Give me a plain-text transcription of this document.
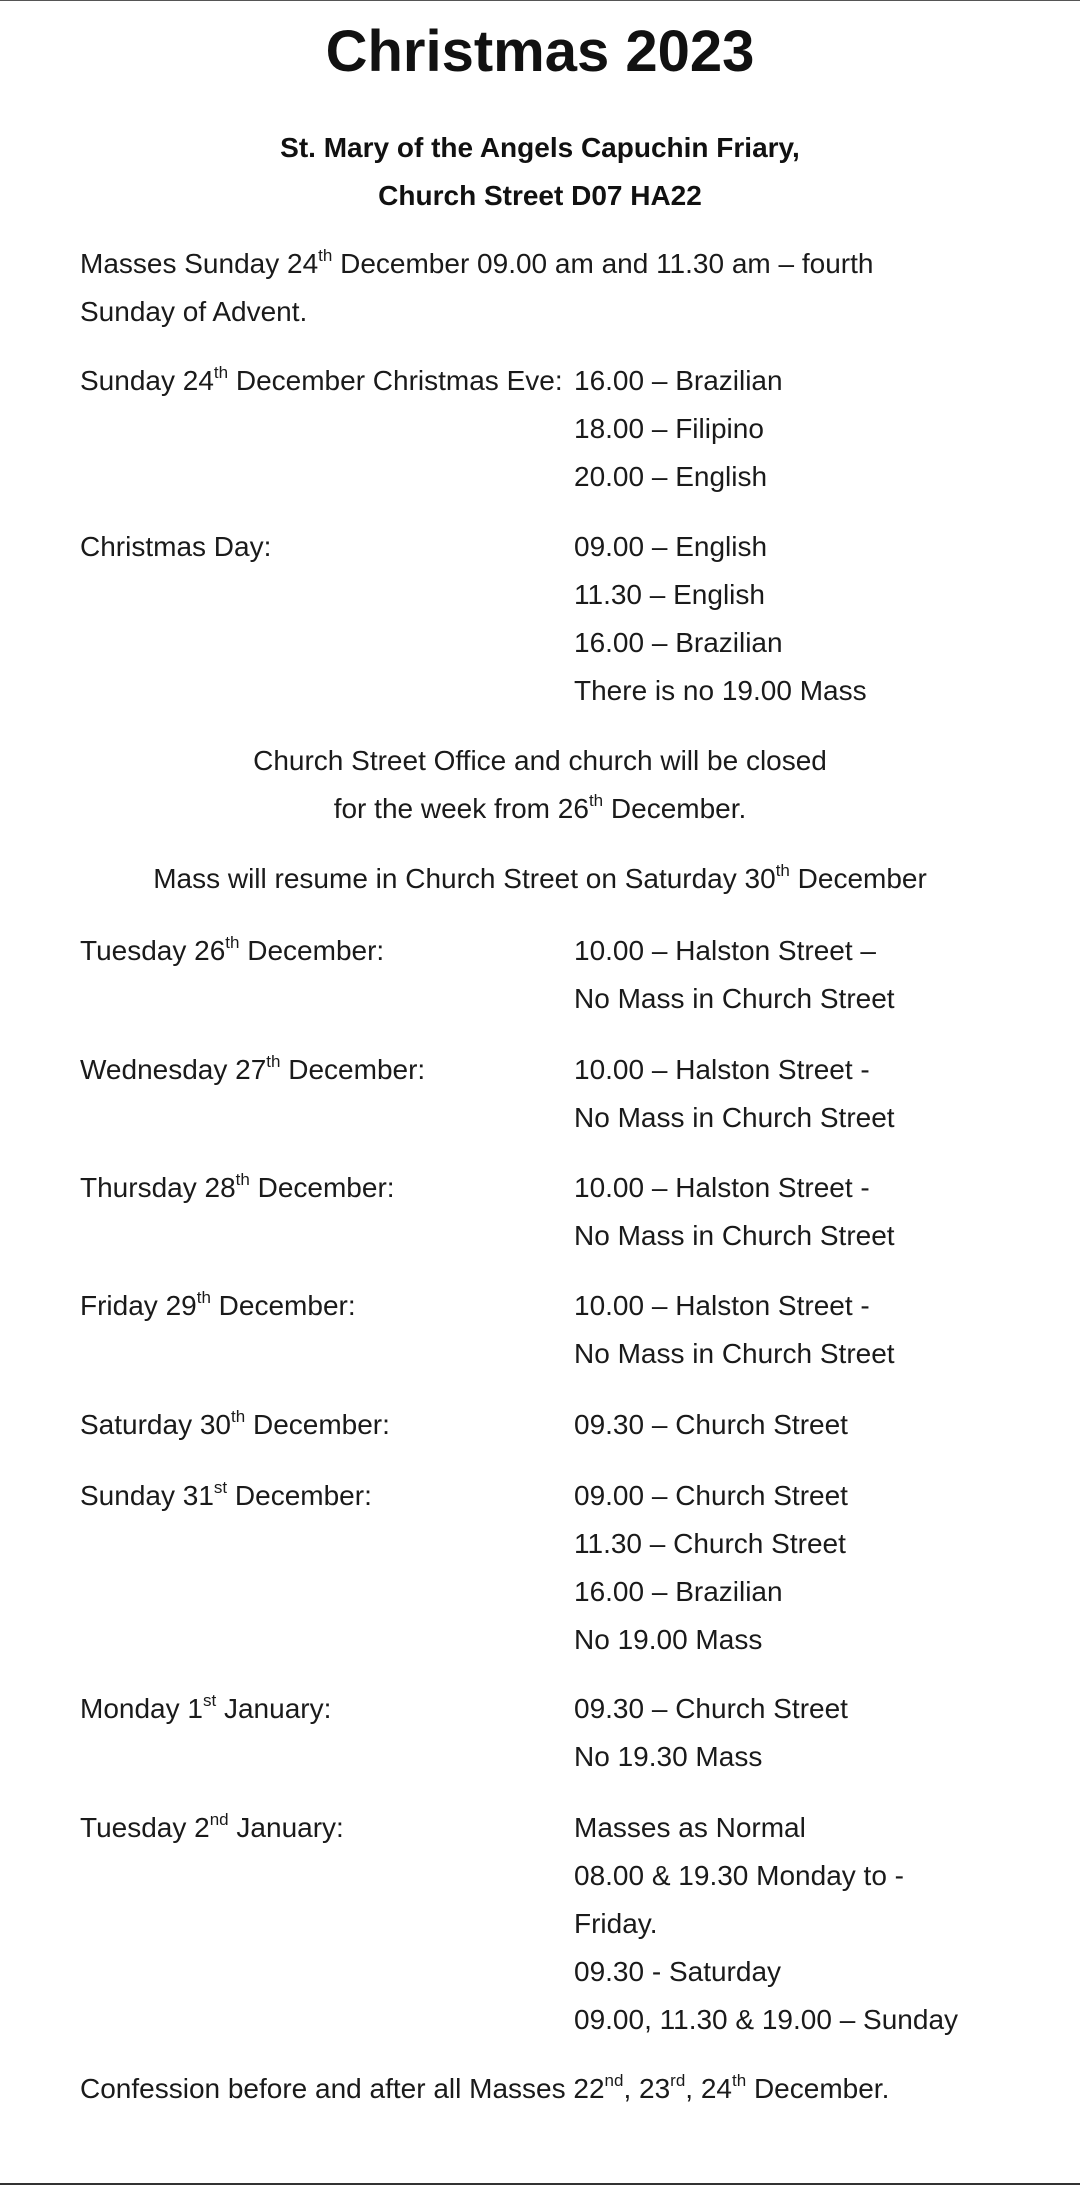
Christmas 2023
St. Mary of the Angels Capuchin Friary,
Church Street D07 HA22
Masses Sunday 24th December 09.00 am and 11.30 am – fourth
Sunday of Advent.
Sunday 24th December Christmas Eve: 16.00 – Brazilian
18.00 – Filipino
20.00 – English
Christmas Day:	09.00 – English
11.30 – English
16.00 – Brazilian
There is no 19.00 Mass
Church Street Office and church will be closed
for the week from 26th December.
Mass will resume in Church Street on Saturday 30th December
Tuesday 26th December:	10.00 – Halston Street –
No Mass in Church Street
Wednesday 27th December:	10.00 – Halston Street -
No Mass in Church Street
Thursday 28th December:	10.00 – Halston Street -
No Mass in Church Street
Friday 29th December:	10.00 – Halston Street -
No Mass in Church Street
Saturday 30th December:	09.30 – Church Street
Sunday 31st December:	09.00 – Church Street
11.30 – Church Street
16.00 – Brazilian
No 19.00 Mass
Monday 1st January:	09.30 – Church Street
No 19.30 Mass
Tuesday 2nd January:	Masses as Normal
08.00 & 19.30 Monday to -
Friday.
09.30 - Saturday
09.00, 11.30 & 19.00 – Sunday
Confession before and after all Masses 22nd, 23rd, 24th December.
